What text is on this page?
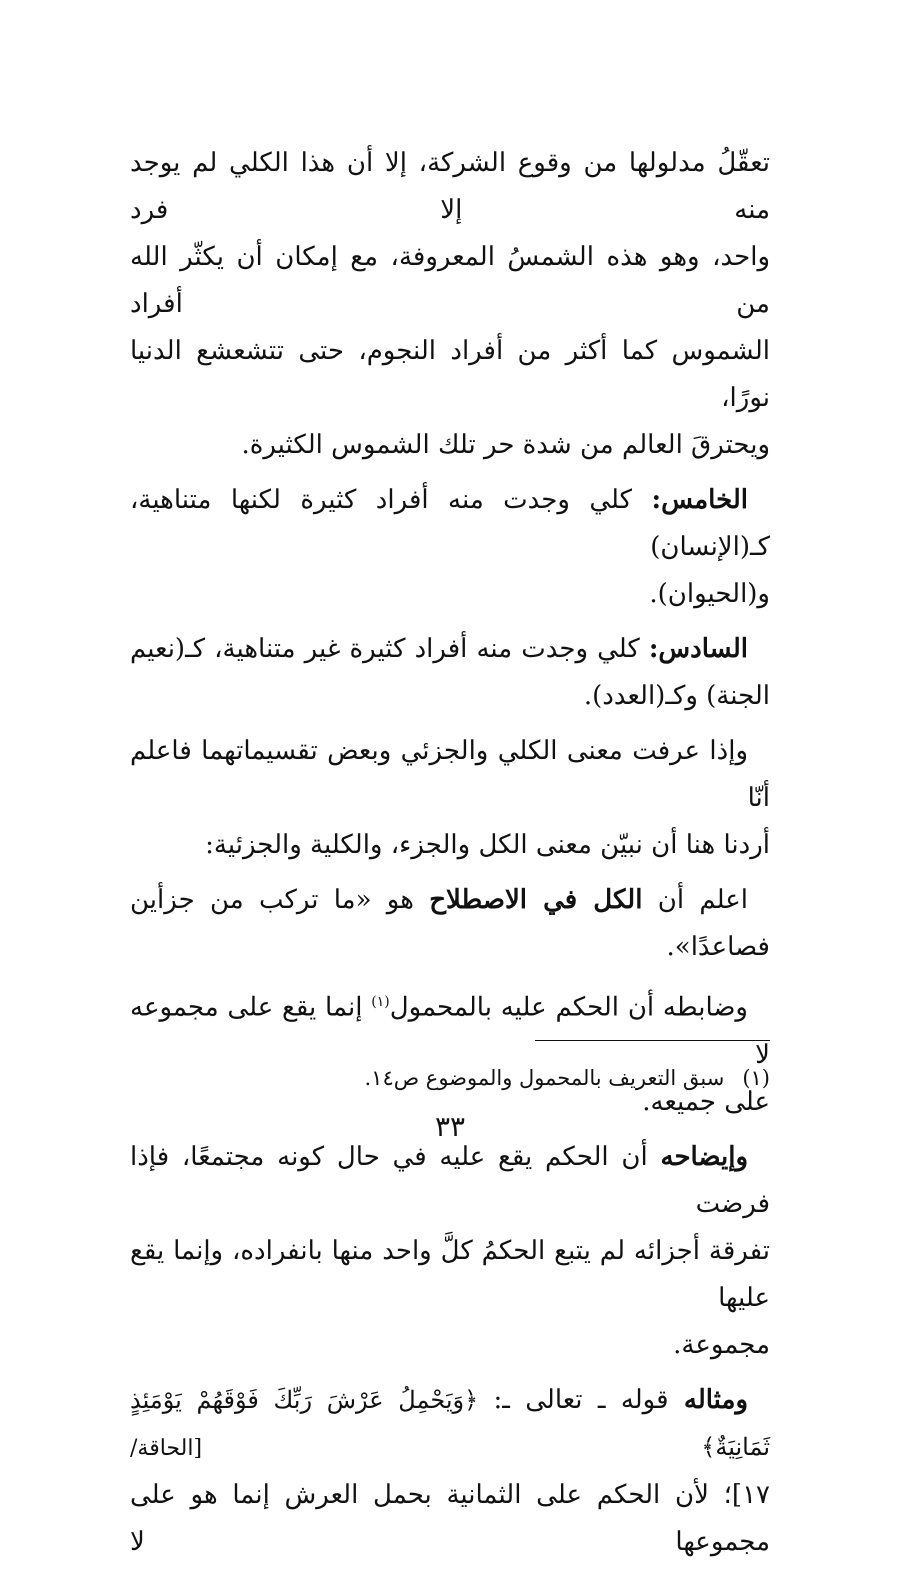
تعقّلُ مدلولها من وقوع الشركة، إلا أن هذا الكلي لم يوجد منه إلا فرد
واحد، وهو هذه الشمسُ المعروفة، مع إمكان أن يكثّر الله من أفراد
الشموس كما أكثر من أفراد النجوم، حتى تتشعشع الدنيا نورًا،
ويحترقَ العالم من شدة حر تلك الشموس الكثيرة.
الخامس: كلي وجدت منه أفراد كثيرة لكنها متناهية، كـ(الإنسان)
و(الحيوان).
السادس: كلي وجدت منه أفراد كثيرة غير متناهية، كـ(نعيم
الجنة) وكـ(العدد).
وإذا عرفت معنى الكلي والجزئي وبعض تقسيماتهما فاعلم أنّا
أردنا هنا أن نبيّن معنى الكل والجزء، والكلية والجزئية:
اعلم أن الكل في الاصطلاح هو «ما تركب من جزأين فصاعدًا».
وضابطه أن الحكم عليه بالمحمول$^{(١)}$ إنما يقع على مجموعه لا
على جميعه.
وإيضاحه أن الحكم يقع عليه في حال كونه مجتمعًا، فإذا فرضت
تفرقة أجزائه لم يتبع الحكمُ كلَّ واحد منها بانفراده، وإنما يقع عليها
مجموعة.
ومثاله قوله ـ تعالى ـ: ﴿وَيَحْمِلُ عَرْشَ رَبِّكَ فَوْقَهُمْ يَوْمَئِذٍ ثَمَانِيَةٌ﴾ [الحاقة/
١٧]؛ لأن الحكم على الثمانية بحمل العرش إنما هو على مجموعها لا
(١)سبق التعريف بالمحمول والموضوع ص١٤.
٣٣
